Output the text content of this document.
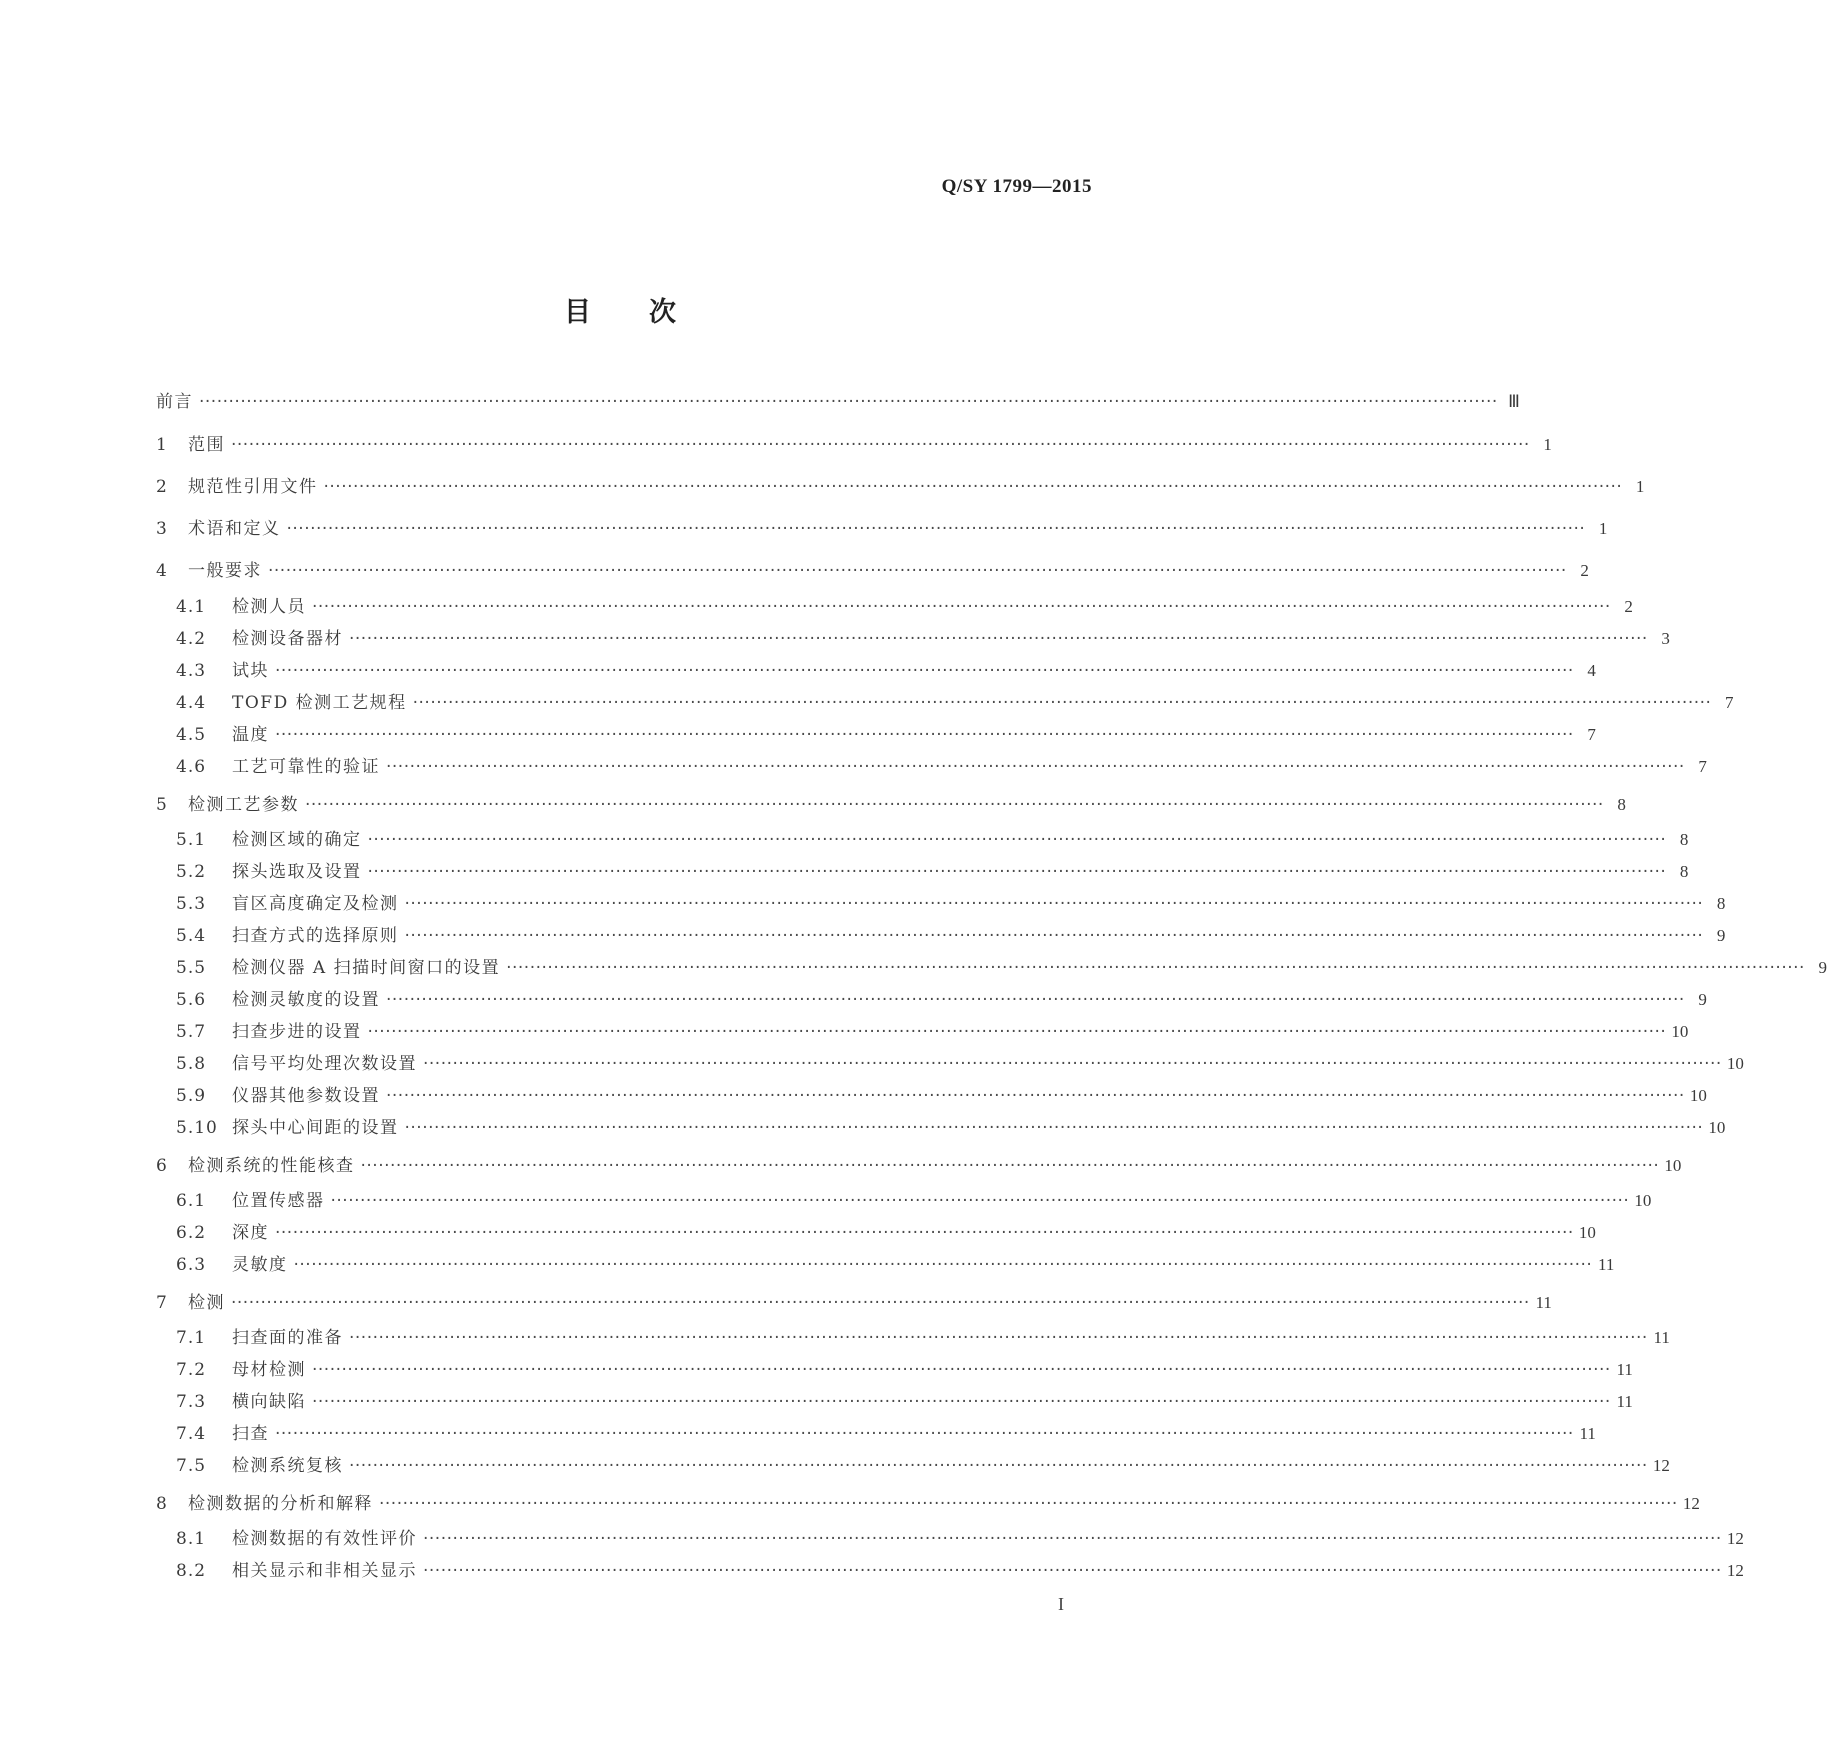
Q/SY 1799—2015
目次
前言 ···························································································································································································································· Ⅲ
1	范围 ···························································································································································································································· 1
2	规范性引用文件 ···························································································································································································································· 1
3	术语和定义 ···························································································································································································································· 1
4	一般要求 ···························································································································································································································· 2
4.1	检测人员 ···························································································································································································································· 2
4.2	检测设备器材 ···························································································································································································································· 3
4.3	试块 ···························································································································································································································· 4
4.4	TOFD 检测工艺规程 ···························································································································································································································· 7
4.5	温度 ···························································································································································································································· 7
4.6	工艺可靠性的验证 ···························································································································································································································· 7
5	检测工艺参数 ···························································································································································································································· 8
5.1	检测区域的确定 ···························································································································································································································· 8
5.2	探头选取及设置 ···························································································································································································································· 8
5.3	盲区高度确定及检测 ···························································································································································································································· 8
5.4	扫查方式的选择原则 ···························································································································································································································· 9
5.5	检测仪器 A 扫描时间窗口的设置 ···························································································································································································································· 9
5.6	检测灵敏度的设置 ···························································································································································································································· 9
5.7	扫查步进的设置 ···························································································································································································································· 10
5.8	信号平均处理次数设置 ···························································································································································································································· 10
5.9	仪器其他参数设置 ···························································································································································································································· 10
5.10 探头中心间距的设置 ···························································································································································································································· 10
6	检测系统的性能核查 ···························································································································································································································· 10
6.1	位置传感器 ···························································································································································································································· 10
6.2	深度 ···························································································································································································································· 10
6.3	灵敏度 ···························································································································································································································· 11
7	检测 ···························································································································································································································· 11
7.1	扫查面的准备 ···························································································································································································································· 11
7.2	母材检测 ···························································································································································································································· 11
7.3	横向缺陷 ···························································································································································································································· 11
7.4	扫查 ···························································································································································································································· 11
7.5	检测系统复核 ···························································································································································································································· 12
8	检测数据的分析和解释 ···························································································································································································································· 12
8.1	检测数据的有效性评价 ···························································································································································································································· 12
8.2	相关显示和非相关显示 ···························································································································································································································· 12
I
